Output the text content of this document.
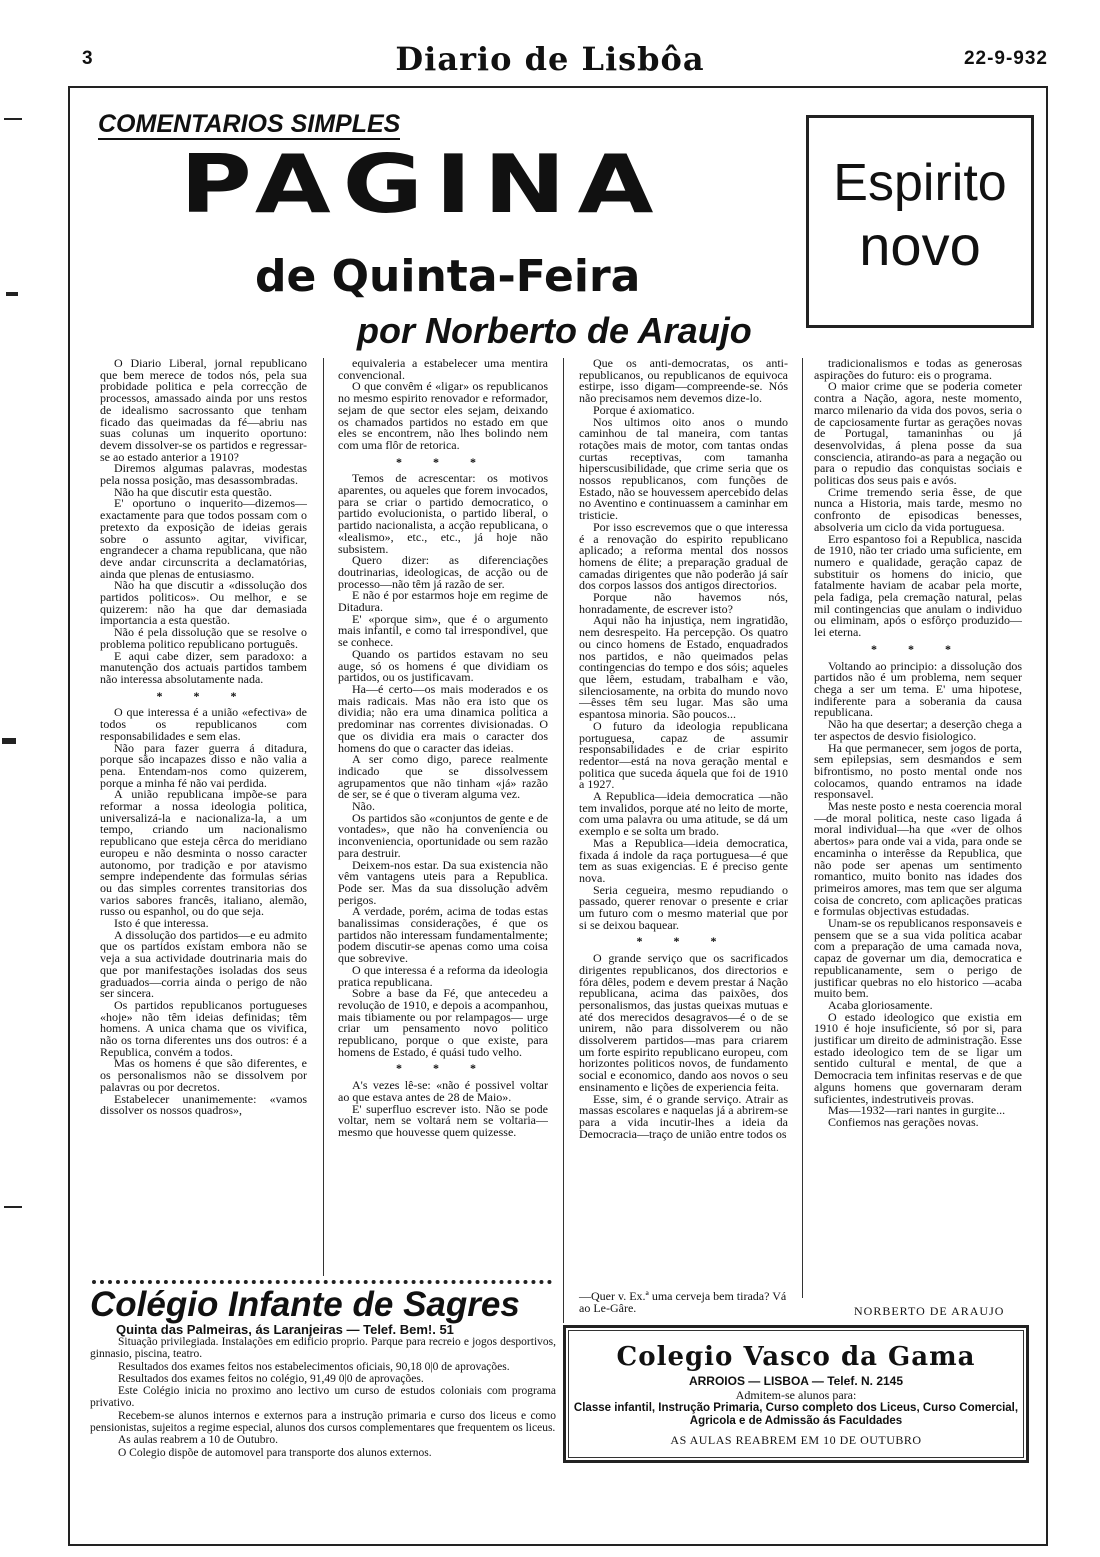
3	Diario de Lisbôa	22-9-932
COMENTARIOS SIMPLES
PAGINA
de Quinta-Feira
por Norberto de Araujo
Espirito
novo

O Diario Liberal, jornal republicano que bem merece de todos nós, pela sua probidade politica e pela correcção de processos, amassado ainda por uns restos de idealismo sacrossanto que tenham ficado das queimadas da fé—abriu nas suas colunas um inquerito oportuno: devem dissolver-se os partidos e regressar-se ao estado anterior a 1910?

Diremos algumas palavras, modestas pela nossa posição, mas desassombradas.

Não ha que discutir esta questão.

E' oportuno o inquerito—dizemos—exactamente para que todos possam com o pretexto da exposição de ideias gerais sobre o assunto agitar, vivificar, engrandecer a chama republicana, que não deve andar circunscrita a declamatórias, ainda que plenas de entusiasmo.

Não ha que discutir a «dissolução dos partidos politicos». Ou melhor, e se quizerem: não ha que dar demasiada importancia a esta questão.

Não é pela dissolução que se resolve o problema politico republicano português.

E aqui cabe dizer, sem paradoxo: a manutenção dos actuais partidos tambem não interessa absolutamente nada.

* * *

O que interessa é a união «efectiva» de todos os republicanos com responsabilidades e sem elas.

Não para fazer guerra á ditadura, porque são incapazes disso e não valia a pena. Entendam-nos como quizerem, porque a minha fé não vai perdida.

A união republicana impõe-se para reformar a nossa ideologia politica, universalizá-la e nacionaliza-la, a um tempo, criando um nacionalismo republicano que esteja cêrca do meridiano europeu e não desminta o nosso caracter autonomo, por tradição e por atavismo sempre independente das formulas sérias ou das simples correntes transitorias dos varios sabores francês, italiano, alemão, russo ou espanhol, ou do que seja.

Isto é que interessa.

A dissolução dos partidos—e eu admito que os partidos existam embora não se veja a sua actividade doutrinaria mais do que por manifestações isoladas dos seus graduados—corria ainda o perigo de não ser sincera.

Os partidos republicanos portugueses «hoje» não têm ideias definidas; têm homens. A unica chama que os vivifica, não os torna diferentes uns dos outros: é a Republica, convém a todos.

Mas os homens é que são diferentes, e os personalismos não se dissolvem por palavras ou por decretos.

Estabelecer unanimemente: «vamos dissolver os nossos quadros»,

equivaleria a estabelecer uma mentira convencional.

O que convêm é «ligar» os republicanos no mesmo espirito renovador e reformador, sejam de que sector eles sejam, deixando os chamados partidos no estado em que eles se encontrem, não lhes bolindo nem com uma flôr de retorica.

* * *

Temos de acrescentar: os motivos aparentes, ou aqueles que forem invocados, para se criar o partido democratico, o partido evolucionista, o partido liberal, o partido nacionalista, a acção republicana, o «lealismo», etc., etc., já hoje não subsistem.

Quero dizer: as diferenciações doutrinarias, ideologicas, de acção ou de processo—não têm já razão de ser.

E não é por estarmos hoje em regime de Ditadura.

E' «porque sim», que é o argumento mais infantil, e como tal irrespondivel, que se conhece.

Quando os partidos estavam no seu auge, só os homens é que dividiam os partidos, ou os justificavam.

Ha—é certo—os mais moderados e os mais radicais. Mas não era isto que os dividia; não era uma dinamica politica a predominar nas correntes divisionadas. O que os dividia era mais o caracter dos homens do que o caracter das ideias.

A ser como digo, parece realmente indicado que se dissolvessem agrupamentos que não tinham «já» razão de ser, se é que o tiveram alguma vez.

Não.

Os partidos são «conjuntos de gente e de vontades», que não ha conveniencia ou inconveniencia, oportunidade ou sem razão para destruir.

Deixem-nos estar. Da sua existencia não vêm vantagens uteis para a Republica. Pode ser. Mas da sua dissolução advêm perigos.

A verdade, porém, acima de todas estas banalissimas considerações, é que os partidos não interessam fundamentalmente; podem discutir-se apenas como uma coisa que sobrevive.

O que interessa é a reforma da ideologia pratica republicana.

Sobre a base da Fé, que antecedeu a revolução de 1910, e depois a acompanhou, mais tibiamente ou por relampagos— urge criar um pensamento novo politico republicano, porque o que existe, para homens de Estado, é quási tudo velho.

* * *

A's vezes lê-se: «não é possivel voltar ao que estava antes de 28 de Maio».

E' superfluo escrever isto. Não se pode voltar, nem se voltará nem se voltaria—mesmo que houvesse quem quizesse.

Que os anti-democratas, os anti-republicanos, ou republicanos de equivoca estirpe, isso digam—compreende-se. Nós não precisamos nem devemos dize-lo.

Porque é axiomatico.

Nos ultimos oito anos o mundo caminhou de tal maneira, com tantas rotações mais de motor, com tantas ondas curtas receptivas, com tamanha hiperscusibilidade, que crime seria que os nossos republicanos, com funções de Estado, não se houvessem apercebido delas no Aventino e continuassem a caminhar em tristicie.

Por isso escrevemos que o que interessa é a renovação do espirito republicano aplicado; a reforma mental dos nossos homens de élite; a preparação gradual de camadas dirigentes que não poderão já saír dos corpos lassos dos antigos directorios.

Porque não havemos nós, honradamente, de escrever isto?

Aqui não ha injustiça, nem ingratidão, nem desrespeito. Ha percepção. Os quatro ou cinco homens de Estado, enquadrados nos partidos, e não queimados pelas contingencias do tempo e dos sóis; aqueles que lêem, estudam, trabalham e vão, silenciosamente, na orbita do mundo novo—êsses têm seu lugar. Mas são uma espantosa minoria. São poucos...

O futuro da ideologia republicana portuguesa, capaz de assumir responsabilidades e de criar espirito redentor—está na nova geração mental e politica que suceda áquela que foi de 1910 a 1927.

A Republica—ideia democratica —não tem invalidos, porque até no leito de morte, com uma palavra ou uma atitude, se dá um exemplo e se solta um brado.

Mas a Republica—ideia democratica, fixada á indole da raça portuguesa—é que tem as suas exigencias. E é preciso gente nova.

Seria cegueira, mesmo repudiando o passado, querer renovar o presente e criar um futuro com o mesmo material que por si se deixou baquear.

* * *

O grande serviço que os sacrificados dirigentes republicanos, dos directorios e fóra dêles, podem e devem prestar á Nação republicana, acima das paixões, dos personalismos, das justas queixas mutuas e até dos merecidos desagravos—é o de se unirem, não para dissolverem ou não dissolverem partidos—mas para criarem um forte espirito republicano europeu, com horizontes politicos novos, de fundamento social e economico, dando aos novos o seu ensinamento e lições de experiencia feita.

Esse, sim, é o grande serviço. Atrair as massas escolares e naquelas já a abrirem-se para a vida incutir-lhes a ideia da Democracia—traço de união entre todos os

tradicionalismos e todas as generosas aspirações do futuro: eis o programa.

O maior crime que se poderia cometer contra a Nação, agora, neste momento, marco milenario da vida dos povos, seria o de capciosamente furtar as gerações novas de Portugal, tamaninhas ou já desenvolvidas, á plena posse da sua consciencia, atirando-as para a negação ou para o repudio das conquistas sociais e politicas dos seus pais e avós.

Crime tremendo seria êsse, de que nunca a Historia, mais tarde, mesmo no confronto de episodicas benesses, absolveria um ciclo da vida portuguesa.

Erro espantoso foi a Republica, nascida de 1910, não ter criado uma suficiente, em numero e qualidade, geração capaz de substituir os homens do inicio, que fatalmente haviam de acabar pela morte, pela fadiga, pela cremação natural, pelas mil contingencias que anulam o individuo ou eliminam, após o esfôrço produzido—lei eterna.

* * *

Voltando ao principio: a dissolução dos partidos não é um problema, nem sequer chega a ser um tema. E' uma hipotese, indiferente para a soberania da causa republicana.

Não ha que desertar; a deserção chega a ter aspectos de desvio fisiologico.

Ha que permanecer, sem jogos de porta, sem epilepsias, sem desmandos e sem bifrontismo, no posto mental onde nos colocamos, quando entramos na idade responsavel.

Mas neste posto e nesta coerencia moral—de moral politica, neste caso ligada á moral individual—ha que «ver de olhos abertos» para onde vai a vida, para onde se encaminha o interêsse da Republica, que não pode ser apenas um sentimento romantico, muito bonito nas idades dos primeiros amores, mas tem que ser alguma coisa de concreto, com aplicações praticas e formulas objectivas estudadas.

Unam-se os republicanos responsaveis e pensem que se a sua vida politica acabar com a preparação de uma camada nova, capaz de governar um dia, democratica e republicanamente, sem o perigo de justificar quebras no elo historico —acaba muito bem.

Acaba gloriosamente.

O estado ideologico que existia em 1910 é hoje insuficiente, só por si, para justificar um direito de administração. Esse estado ideologico tem de se ligar um sentido cultural e mental, de que a Democracia tem infinitas reservas e de que alguns homens que governaram deram suficientes, indestrutiveis provas.

Mas—1932—rari nantes in gurgite...

Confiemos nas gerações novas.

—Quer v. Ex.ª uma cerveja bem tirada? Vá ao Le-Gâre.	NORBERTO DE ARAUJO
Colégio Infante de Sagres
Quinta das Palmeiras, ás Laranjeiras — Telef. Bem!. 51

Situação privilegiada. Instalações em edificio proprio. Parque para recreio e jogos desportivos, ginnasio, piscina, teatro.

Resultados dos exames feitos nos estabelecimentos oficiais, 90,18 0|0 de aprovações.

Resultados dos exames feitos no colégio, 91,49 0|0 de aprovações.

Este Colégio inicia no proximo ano lectivo um curso de estudos coloniais com programa privativo.

Recebem-se alunos internos e externos para a instrução primaria e curso dos liceus e como pensionistas, sujeitos a regime especial, alunos dos cursos complementares que frequentem os liceus.

As aulas reabrem a 10 de Outubro.

O Colegio dispõe de automovel para transporte dos alunos externos.

Colegio Vasco da Gama
ARROIOS — LISBOA — Telef. N. 2145
Admitem-se alunos para:
Classe infantil, Instrução Primaria, Curso completo dos Liceus, Curso Comercial, Agricola e de Admissão ás Faculdades
AS AULAS REABREM EM 10 DE OUTUBRO
